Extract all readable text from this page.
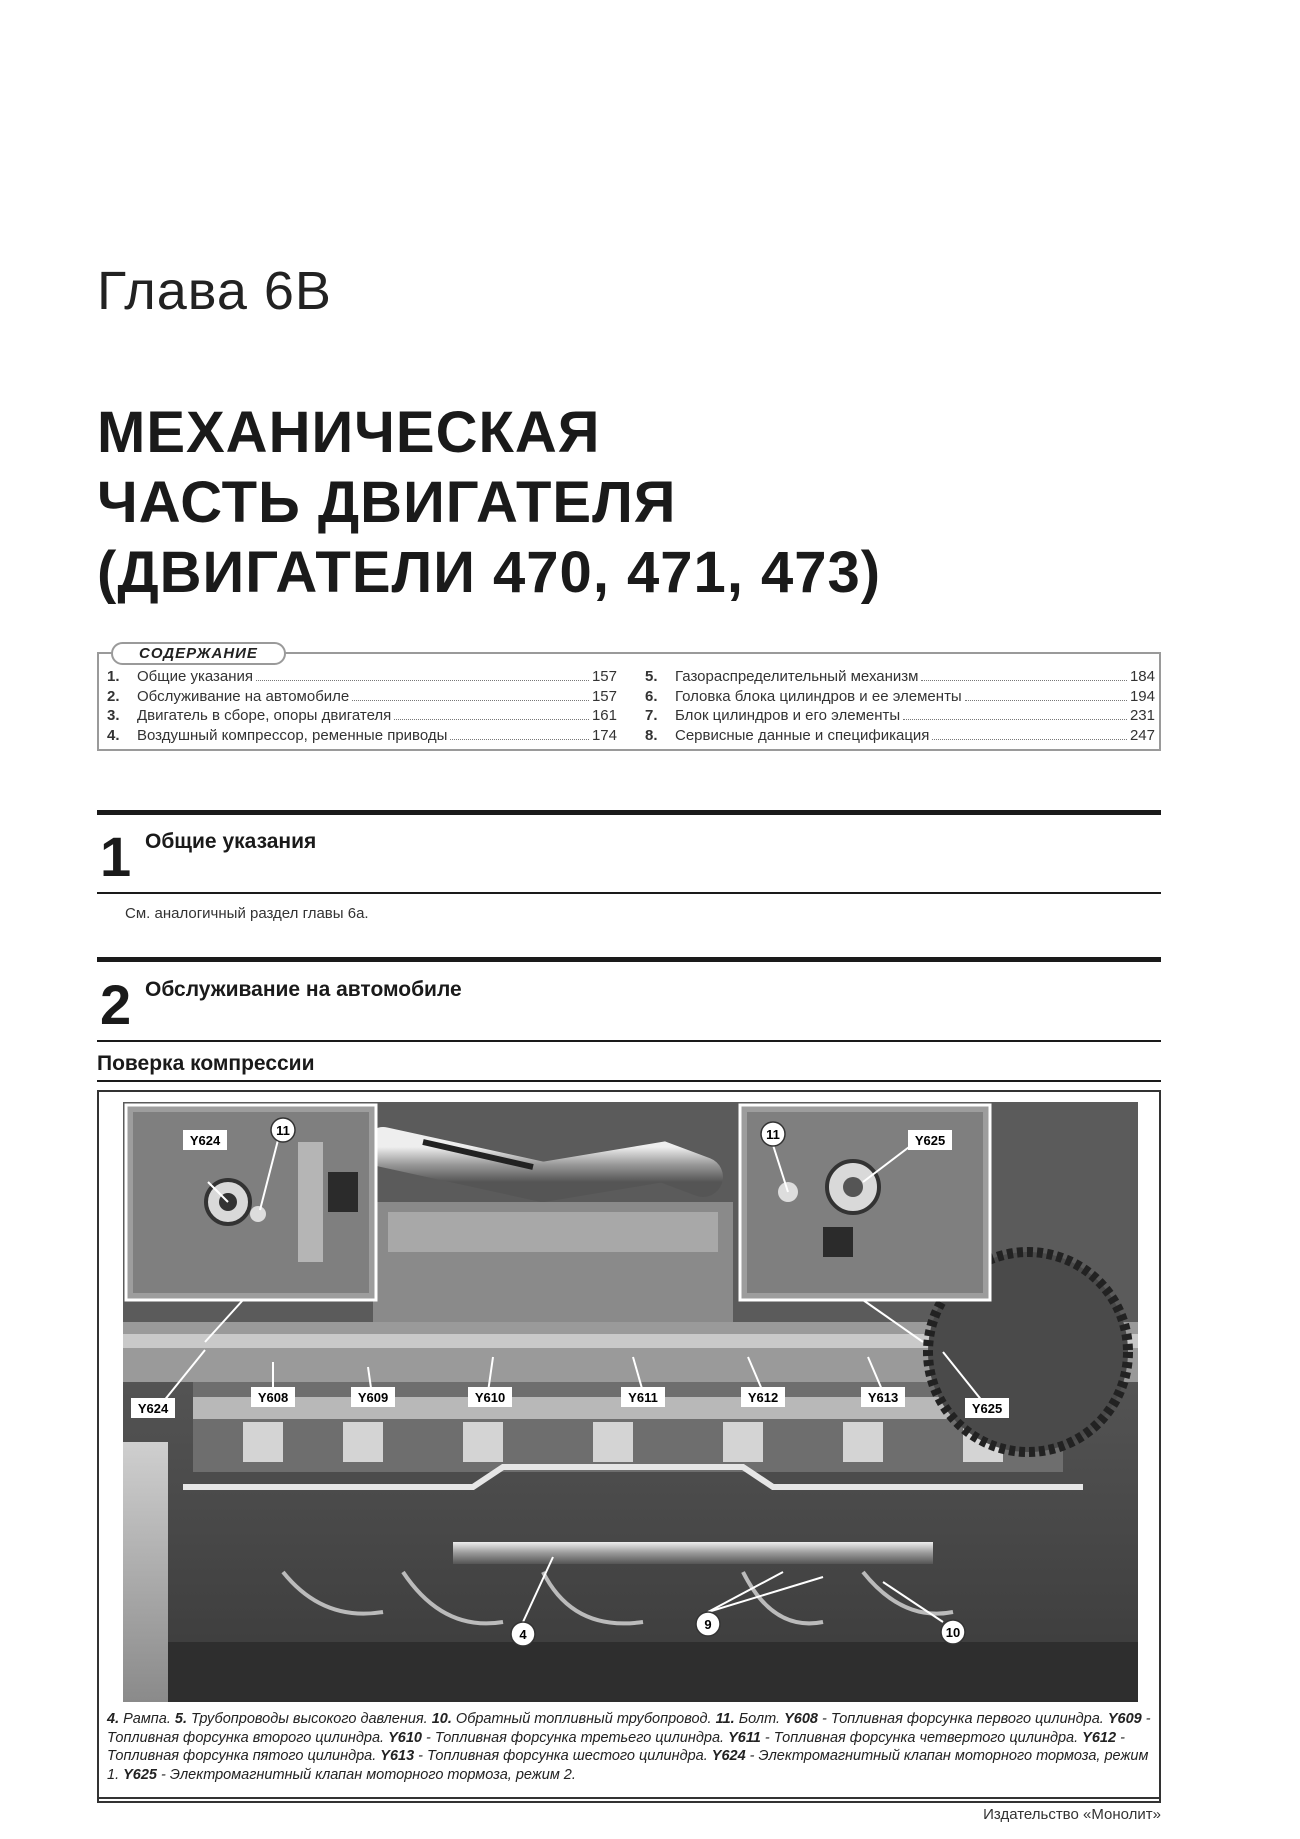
Глава 6В
МЕХАНИЧЕСКАЯ
ЧАСТЬ ДВИГАТЕЛЯ
(ДВИГАТЕЛИ 470, 471, 473)
СОДЕРЖАНИЕ
1.	Общие указания	157
2.	Обслуживание на автомобиле	157
3.	Двигатель в сборе, опоры двигателя	161
4.	Воздушный компрессор, ременные приводы	174
5.	Газораспределительный механизм	184
6.	Головка блока цилиндров и ее элементы	194
7.	Блок цилиндров и его элементы	231
8.	Сервисные данные и спецификация	247
1 Общие указания
См. аналогичный раздел главы 6а.
2 Обслуживание на автомобиле
Поверка компрессии
Y624
11
Y625
11
Y624
Y608	Y609	Y610	Y611	Y612	Y613
Y625
4
9
10
4. Рампа. 5. Трубопроводы высокого давления. 10. Обратный топливный трубопровод. 11. Болт. Y608 - Топливная форсунка первого цилиндра. Y609 - Топливная форсунка второго цилиндра. Y610 - Топливная форсунка третьего цилиндра. Y611 - Топливная форсунка четвертого цилиндра. Y612 - Топливная форсунка пятого цилиндра. Y613 - Топливная форсунка шестого цилиндра. Y624 - Электромагнитный клапан моторного тормоза, режим 1. Y625 - Электромагнитный клапан моторного тормоза, режим 2.
Издательство «Монолит»
